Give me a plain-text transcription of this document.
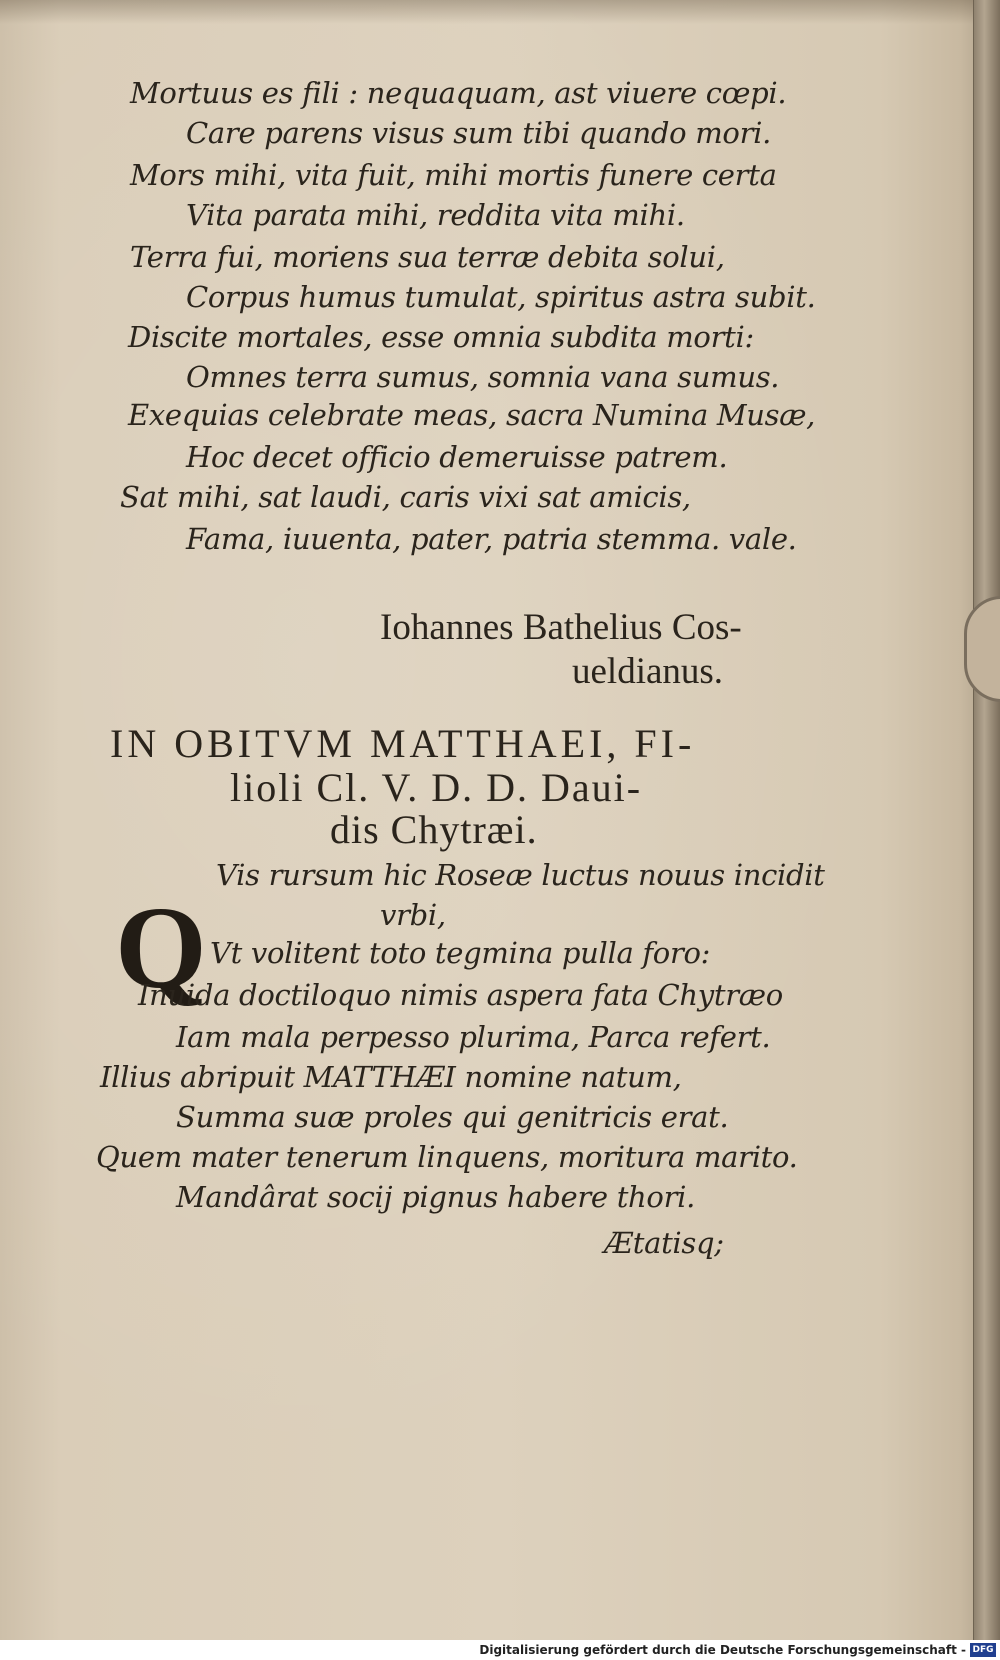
Mortuus es fili : nequaquam, ast viuere cœpi.
Care parens visus sum tibi quando mori.
Mors mihi, vita fuit, mihi mortis funere certa
Vita parata mihi, reddita vita mihi.
Terra fui, moriens sua terræ debita solui,
Corpus humus tumulat, spiritus astra subit.
Discite mortales, esse omnia subdita morti:
Omnes terra sumus, somnia vana sumus.
Exequias celebrate meas, sacra Numina Musæ,
Hoc decet officio demeruisse patrem.
Sat mihi, sat laudi, caris vixi sat amicis,
Fama, iuuenta, pater, patria stemma. vale.
Iohannes Bathelius Cos-
ueldianus.
IN OBITVM MATTHAEI, FI-
lioli Cl. V. D. D. Daui-
dis Chytræi.
Q
Vis rursum hic Roseæ luctus nouus incidit
vrbi,
Vt volitent toto tegmina pulla foro:
Inuida doctiloquo nimis aspera fata Chytræo
Iam mala perpesso plurima, Parca refert.
Illius abripuit MATTHÆI nomine natum,
Summa suæ proles qui genitricis erat.
Quem mater tenerum linquens, moritura marito.
Mandârat socij pignus habere thori.
Ætatisq;
Digitalisierung gefördert durch die Deutsche Forschungsgemeinschaft - DFG
